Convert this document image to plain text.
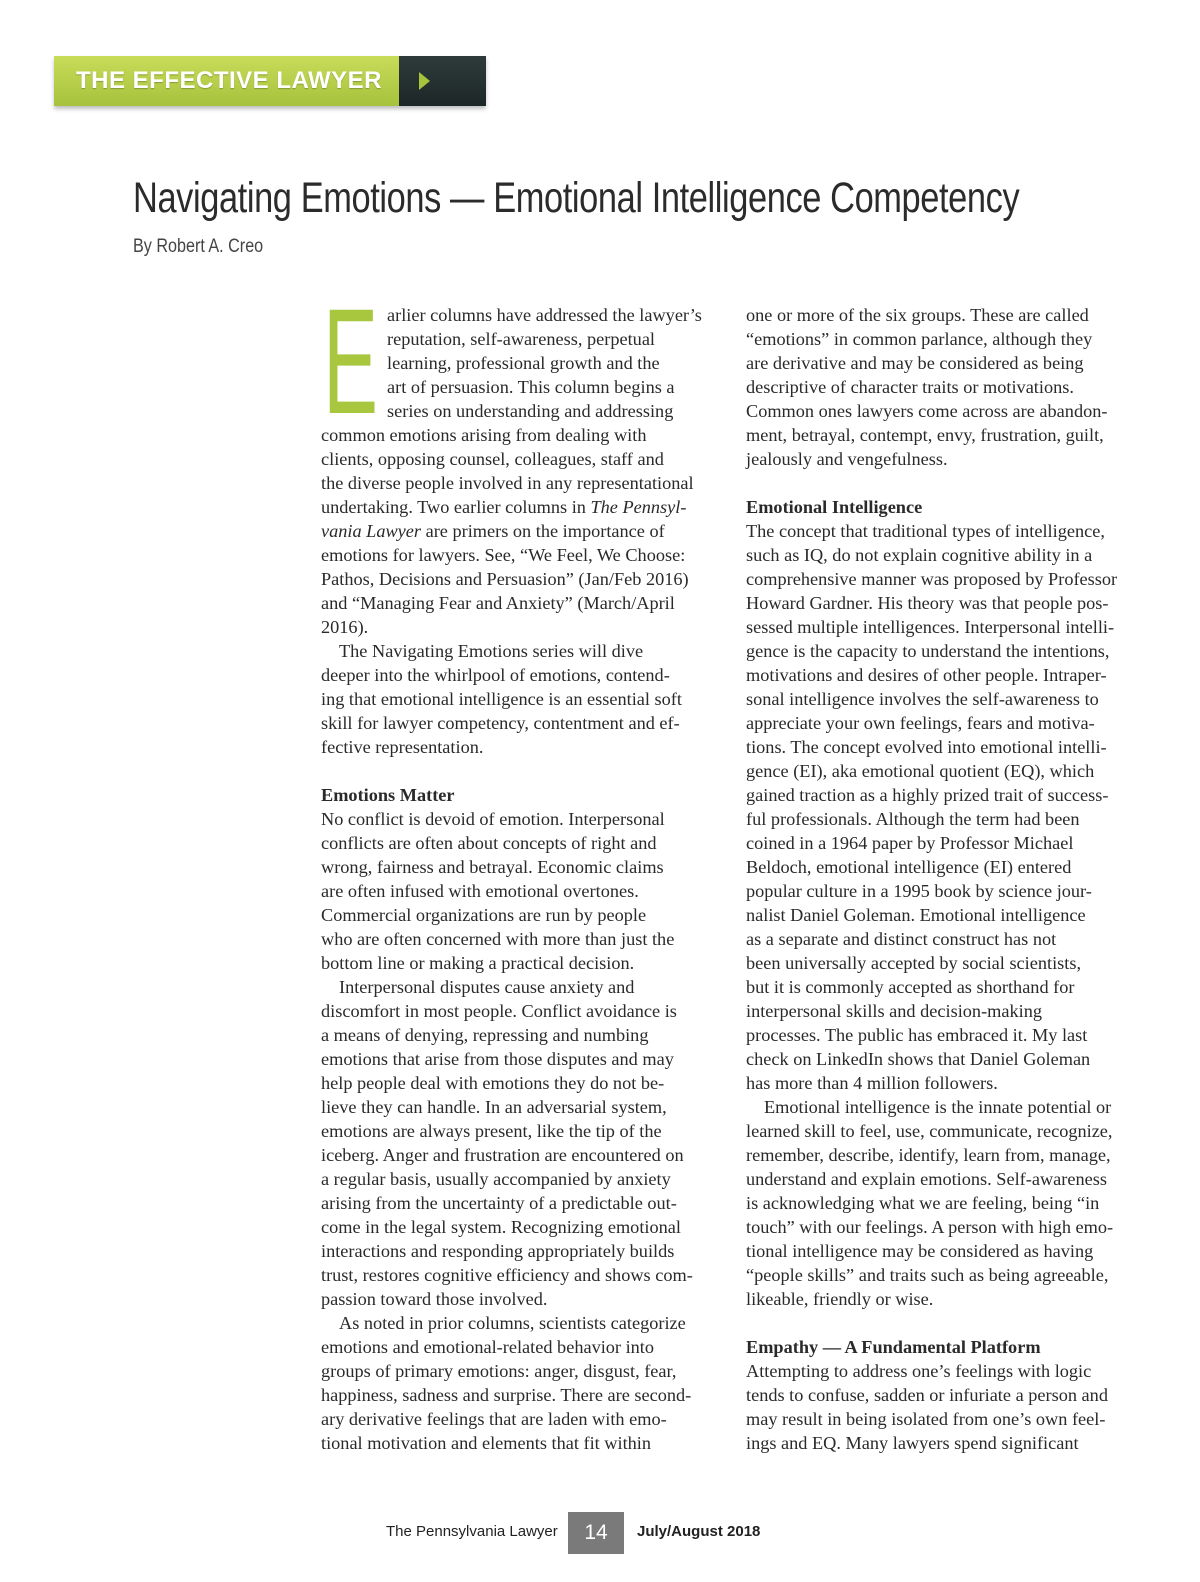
THE EFFECTIVE LAWYER
Navigating Emotions — Emotional Intelligence Competency
By Robert A. Creo
E arlier columns have addressed the lawyer’s
reputation, self-awareness, perpetual
learning, professional growth and the
art of persuasion. This column begins a
series on understanding and addressing
common emotions arising from dealing with
clients, opposing counsel, colleagues, staff and
the diverse people involved in any representational
undertaking. Two earlier columns in The Pennsyl-
vania Lawyer are primers on the importance of
emotions for lawyers. See, “We Feel, We Choose:
Pathos, Decisions and Persuasion” (Jan/Feb 2016)
and “Managing Fear and Anxiety” (March/April
2016).
The Navigating Emotions series will dive
deeper into the whirlpool of emotions, contend-
ing that emotional intelligence is an essential soft
skill for lawyer competency, contentment and ef-
fective representation.
Emotions Matter
No conflict is devoid of emotion. Interpersonal
conflicts are often about concepts of right and
wrong, fairness and betrayal. Economic claims
are often infused with emotional overtones.
Commercial organizations are run by people
who are often concerned with more than just the
bottom line or making a practical decision.
Interpersonal disputes cause anxiety and
discomfort in most people. Conflict avoidance is
a means of denying, repressing and numbing
emotions that arise from those disputes and may
help people deal with emotions they do not be-
lieve they can handle. In an adversarial system,
emotions are always present, like the tip of the
iceberg. Anger and frustration are encountered on
a regular basis, usually accompanied by anxiety
arising from the uncertainty of a predictable out-
come in the legal system. Recognizing emotional
interactions and responding appropriately builds
trust, restores cognitive efficiency and shows com-
passion toward those involved.
As noted in prior columns, scientists categorize
emotions and emotional-related behavior into
groups of primary emotions: anger, disgust, fear,
happiness, sadness and surprise. There are second-
ary derivative feelings that are laden with emo-
tional motivation and elements that fit within
one or more of the six groups. These are called
“emotions” in common parlance, although they
are derivative and may be considered as being
descriptive of character traits or motivations.
Common ones lawyers come across are abandon-
ment, betrayal, contempt, envy, frustration, guilt,
jealously and vengefulness.
Emotional Intelligence
The concept that traditional types of intelligence,
such as IQ, do not explain cognitive ability in a
comprehensive manner was proposed by Professor
Howard Gardner. His theory was that people pos-
sessed multiple intelligences. Interpersonal intelli-
gence is the capacity to understand the intentions,
motivations and desires of other people. Intraper-
sonal intelligence involves the self-awareness to
appreciate your own feelings, fears and motiva-
tions. The concept evolved into emotional intelli-
gence (EI), aka emotional quotient (EQ), which
gained traction as a highly prized trait of success-
ful professionals. Although the term had been
coined in a 1964 paper by Professor Michael
Beldoch, emotional intelligence (EI) entered
popular culture in a 1995 book by science jour-
nalist Daniel Goleman. Emotional intelligence
as a separate and distinct construct has not
been universally accepted by social scientists,
but it is commonly accepted as shorthand for
interpersonal skills and decision-making
processes. The public has embraced it. My last
check on LinkedIn shows that Daniel Goleman
has more than 4 million followers.
Emotional intelligence is the innate potential or
learned skill to feel, use, communicate, recognize,
remember, describe, identify, learn from, manage,
understand and explain emotions. Self-awareness
is acknowledging what we are feeling, being “in
touch” with our feelings. A person with high emo-
tional intelligence may be considered as having
“people skills” and traits such as being agreeable,
likeable, friendly or wise.
Empathy — A Fundamental Platform
Attempting to address one’s feelings with logic
tends to confuse, sadden or infuriate a person and
may result in being isolated from one’s own feel-
ings and EQ. Many lawyers spend significant
The Pennsylvania Lawyer	14	July/August 2018
